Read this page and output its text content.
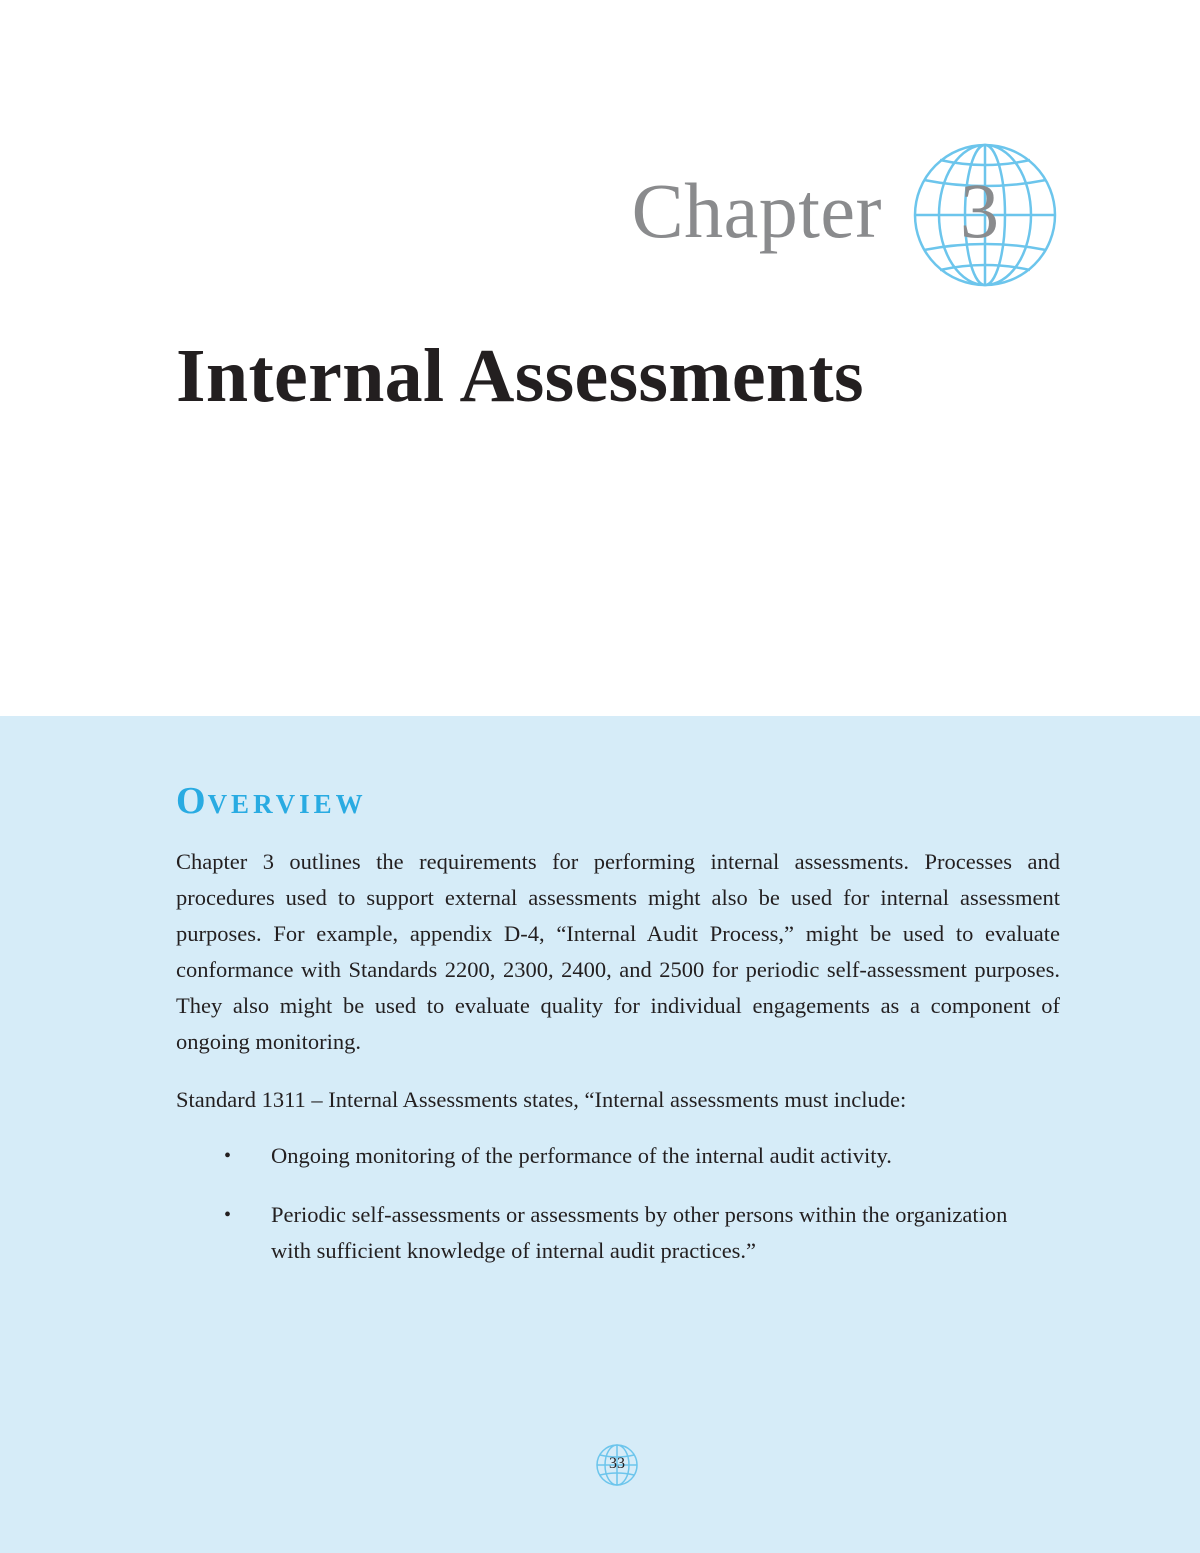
Chapter 3
Internal Assessments
OVERVIEW

Chapter 3 outlines the requirements for performing internal assessments. Processes and procedures used to support external assessments might also be used for internal assessment purposes. For example, appendix D-4, “Internal Audit Process,” might be used to evaluate conformance with Standards 2200, 2300, 2400, and 2500 for periodic self-assessment purposes. They also might be used to evaluate quality for individual engagements as a component of ongoing monitoring.

Standard 1311 – Internal Assessments states, “Internal assessments must include:

• Ongoing monitoring of the performance of the internal audit activity.
• Periodic self-assessments or assessments by other persons within the organization with sufficient knowledge of internal audit practices.”
33
